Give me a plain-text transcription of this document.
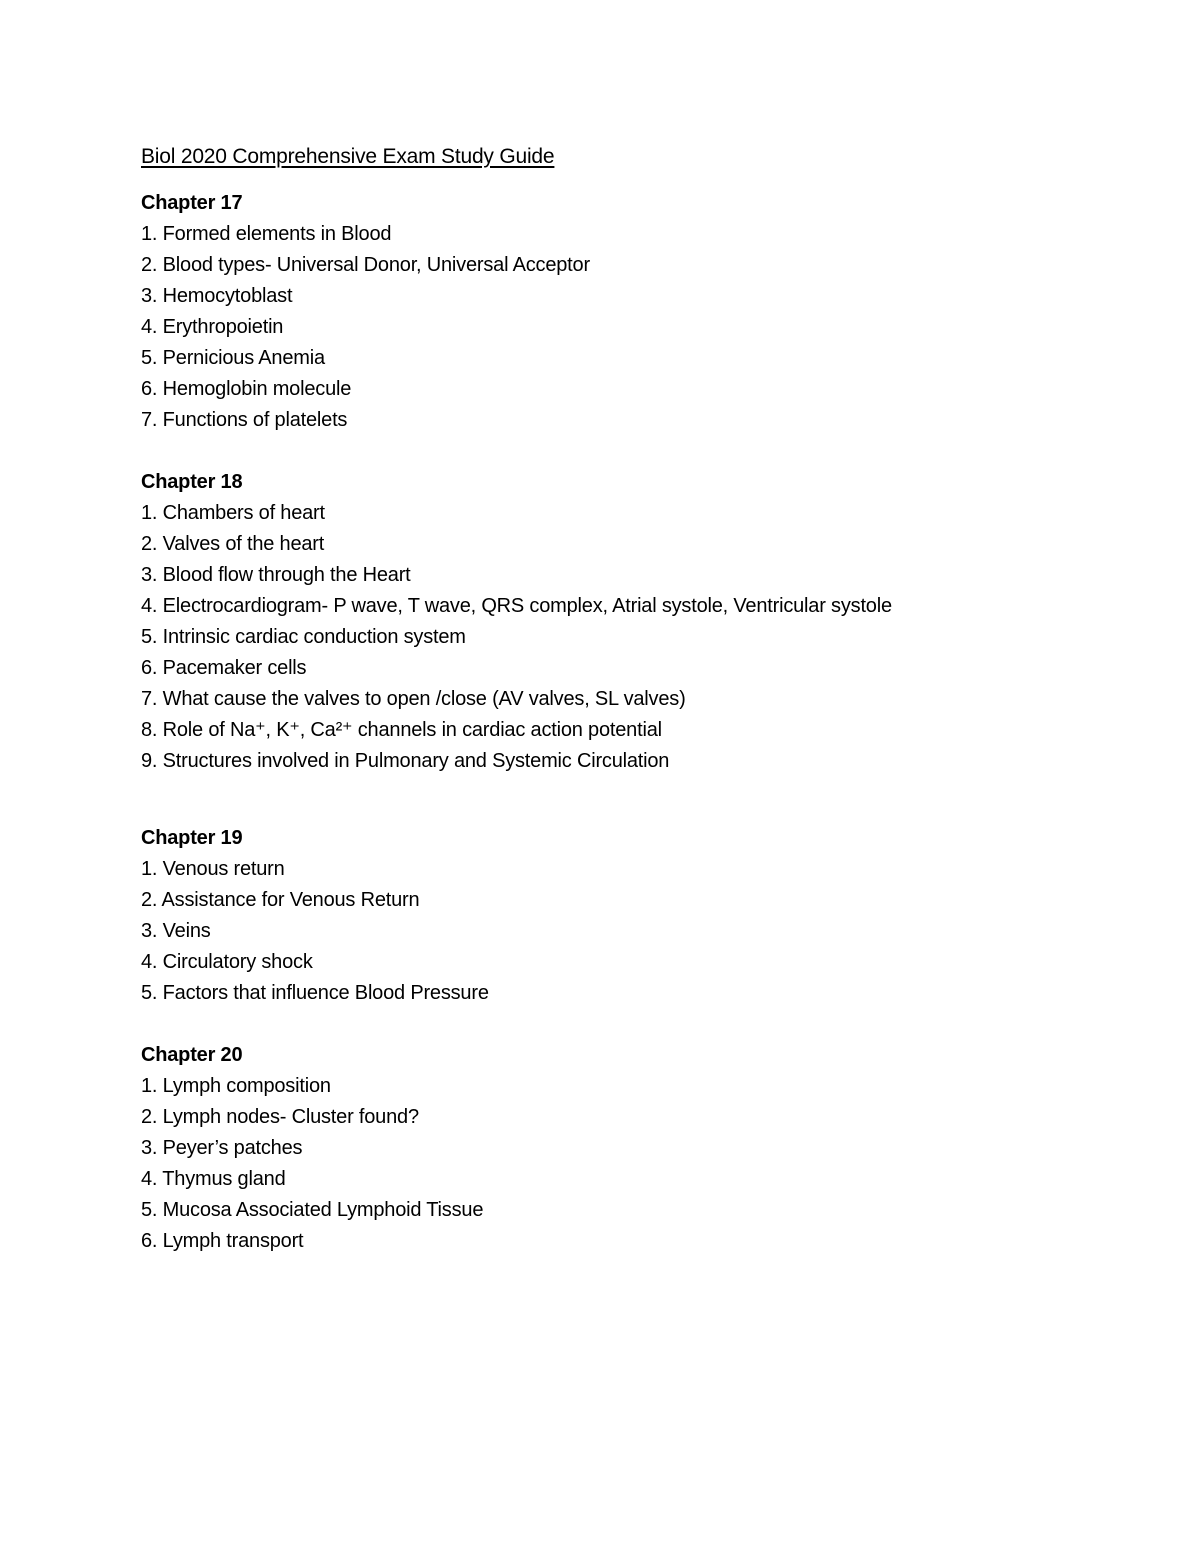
Biol 2020 Comprehensive Exam Study Guide
Chapter 17
1. Formed elements in Blood
2. Blood types- Universal Donor, Universal Acceptor
3. Hemocytoblast
4. Erythropoietin
5. Pernicious Anemia
6. Hemoglobin molecule
7. Functions of platelets
Chapter 18
1. Chambers of heart
2. Valves of the heart
3. Blood flow through the Heart
4. Electrocardiogram- P wave, T wave, QRS complex, Atrial systole, Ventricular systole
5. Intrinsic cardiac conduction system
6. Pacemaker cells
7. What cause the valves to open /close (AV valves, SL valves)
8. Role of Na⁺, K⁺, Ca²⁺ channels in cardiac action potential
9. Structures involved in Pulmonary and Systemic Circulation
Chapter 19
1. Venous return
2. Assistance for Venous Return
3. Veins
4. Circulatory shock
5. Factors that influence Blood Pressure
Chapter 20
1. Lymph composition
2. Lymph nodes- Cluster found?
3. Peyer’s patches
4. Thymus gland
5. Mucosa Associated Lymphoid Tissue
6. Lymph transport
